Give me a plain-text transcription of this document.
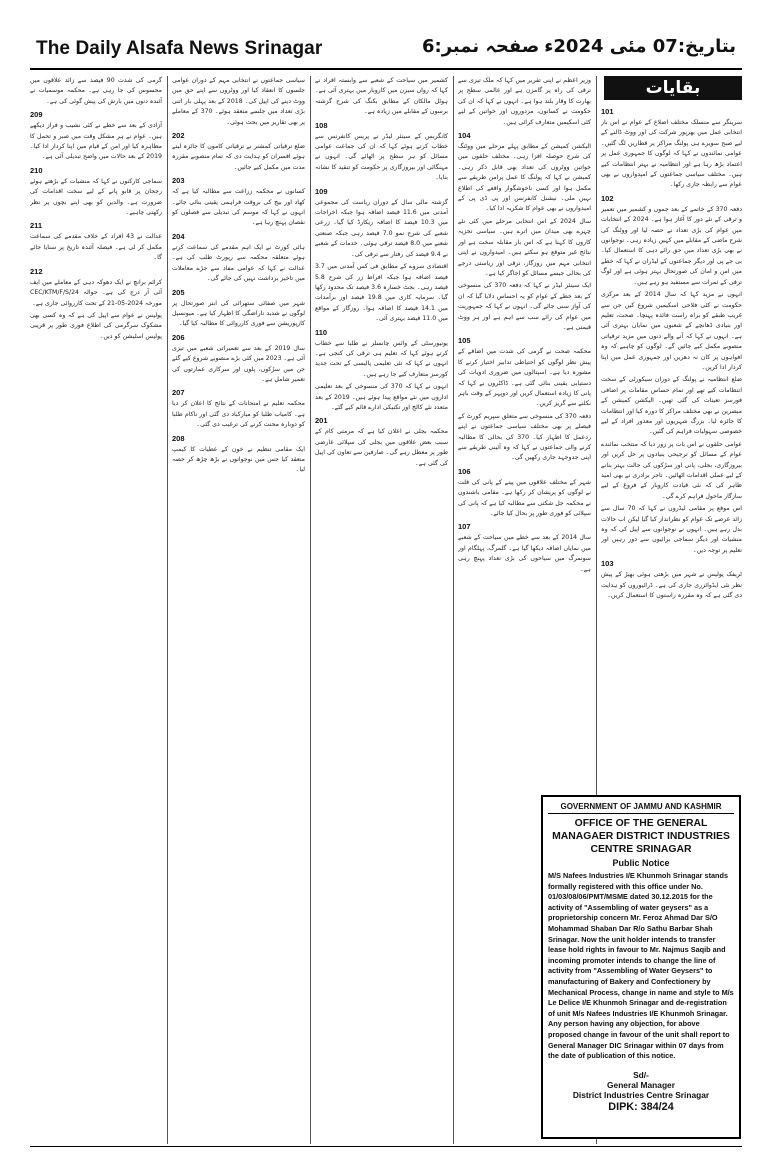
The Daily Alsafa News Srinagar	صفحہ نمبر:6 بتاریخ:07 مئی 2024ء

گرمی کی شدت 90 فیصد سے زائد علاقوں میں محسوس کی جا رہی ہے۔ محکمہ موسمیات نے آئندہ دنوں میں بارش کی پیش گوئی کی ہے۔

209

آزادی کے بعد سے خطے نے کئی نشیب و فراز دیکھے ہیں۔ عوام نے ہر مشکل وقت میں صبر و تحمل کا مظاہرہ کیا اور امن کے قیام میں اپنا کردار ادا کیا۔ 2019 کے بعد حالات میں واضح تبدیلی آئی ہے۔

210

سماجی کارکنوں نے کہا کہ منشیات کے بڑھتے ہوئے رجحان پر قابو پانے کے لیے سخت اقدامات کی ضرورت ہے۔ والدین کو بھی اپنے بچوں پر نظر رکھنی چاہیے۔

211

عدالت نے 43 افراد کے خلاف مقدمے کی سماعت مکمل کر لی ہے۔ فیصلہ آئندہ تاریخ پر سنایا جائے گا۔

212

کرائم برانچ نے ایک دھوکہ دہی کے معاملے میں ایف آئی آر درج کی ہے۔ حوالہ CEC/KTM/F/S/24 مورخہ 2024-05-21 کے تحت کارروائی جاری ہے۔

پولیس نے عوام سے اپیل کی ہے کہ وہ کسی بھی مشکوک سرگرمی کی اطلاع فوری طور پر قریبی پولیس اسٹیشن کو دیں۔

سیاسی جماعتوں نے انتخابی مہم کے دوران عوامی جلسوں کا انعقاد کیا اور ووٹروں سے اپنے حق میں ووٹ دینے کی اپیل کی۔ 2018 کے بعد پہلی بار اتنی بڑی تعداد میں جلسے منعقد ہوئے۔ 370 کے معاملے پر بھی تقاریر میں بحث ہوئی۔

202

ضلع ترقیاتی کمشنر نے ترقیاتی کاموں کا جائزہ لیتے ہوئے افسران کو ہدایت دی کہ تمام منصوبے مقررہ مدت میں مکمل کیے جائیں۔

203

کسانوں نے محکمہ زراعت سے مطالبہ کیا ہے کہ کھاد اور بیج کی بروقت فراہمی یقینی بنائی جائے۔ انہوں نے کہا کہ موسم کی تبدیلی سے فصلوں کو نقصان پہنچ رہا ہے۔

204

ہائی کورٹ نے ایک اہم مقدمے کی سماعت کرتے ہوئے متعلقہ محکمہ سے رپورٹ طلب کی ہے۔ عدالت نے کہا کہ عوامی مفاد سے جڑے معاملات میں تاخیر برداشت نہیں کی جائے گی۔

205

شہر میں صفائی ستھرائی کی ابتر صورتحال پر لوگوں نے شدید ناراضگی کا اظہار کیا ہے۔ میونسپل کارپوریشن سے فوری کارروائی کا مطالبہ کیا گیا۔

206

سال 2019 کے بعد سے تعمیراتی شعبے میں تیزی آئی ہے۔ 2023 میں کئی بڑے منصوبے شروع کیے گئے جن میں سڑکوں، پلوں اور سرکاری عمارتوں کی تعمیر شامل ہے۔

207

محکمہ تعلیم نے امتحانات کے نتائج کا اعلان کر دیا ہے۔ کامیاب طلبا کو مبارکباد دی گئی اور ناکام طلبا کو دوبارہ محنت کرنے کی ترغیب دی گئی۔

208

ایک مقامی تنظیم نے خون کے عطیات کا کیمپ منعقد کیا جس میں نوجوانوں نے بڑھ چڑھ کر حصہ لیا۔

کشمیر میں سیاحت کے شعبے سے وابستہ افراد نے کہا کہ رواں سیزن میں کاروبار میں بہتری آئی ہے۔ ہوٹل مالکان کے مطابق بکنگ کی شرح گزشتہ برسوں کے مقابلے میں زیادہ ہے۔

108

کانگریس کے سینئر لیڈر نے پریس کانفرنس سے خطاب کرتے ہوئے کہا کہ ان کی جماعت عوامی مسائل کو ہر سطح پر اٹھائے گی۔ انہوں نے مہنگائی اور بیروزگاری پر حکومت کو تنقید کا نشانہ بنایا۔

109

گزشتہ مالی سال کے دوران ریاست کی مجموعی آمدنی میں 11.6 فیصد اضافہ ہوا جبکہ اخراجات میں 10.3 فیصد کا اضافہ ریکارڈ کیا گیا۔ زرعی شعبے کی شرح نمو 7.0 فیصد رہی جبکہ صنعتی شعبے میں 8.0 فیصد ترقی ہوئی۔ خدمات کے شعبے نے 9.4 فیصد کی رفتار سے ترقی کی۔

اقتصادی سروے کے مطابق فی کس آمدنی میں 3.7 فیصد اضافہ ہوا جبکہ افراط زر کی شرح 5.8 فیصد رہی۔ بجٹ خسارہ 3.6 فیصد تک محدود رکھا گیا۔ سرمایہ کاری میں 19.8 فیصد اور برآمدات میں 14.1 فیصد کا اضافہ ہوا۔ روزگار کے مواقع میں 11.0 فیصد بہتری آئی۔

110

یونیورسٹی کے وائس چانسلر نے طلبا سے خطاب کرتے ہوئے کہا کہ تعلیم ہی ترقی کی کنجی ہے۔ انہوں نے کہا کہ نئی تعلیمی پالیسی کے تحت جدید کورسز متعارف کیے جا رہے ہیں۔

انہوں نے کہا کہ 370 کی منسوخی کے بعد تعلیمی اداروں میں نئے مواقع پیدا ہوئے ہیں۔ 2019 کے بعد متعدد نئے کالج اور تکنیکی ادارے قائم کیے گئے۔

201

محکمہ بجلی نے اعلان کیا ہے کہ مرمتی کام کے سبب بعض علاقوں میں بجلی کی سپلائی عارضی طور پر معطل رہے گی۔ صارفین سے تعاون کی اپیل کی گئی ہے۔

وزیر اعظم نے اپنی تقریر میں کہا کہ ملک تیزی سے ترقی کی راہ پر گامزن ہے اور عالمی سطح پر بھارت کا وقار بلند ہوا ہے۔ انہوں نے کہا کہ ان کی حکومت نے کسانوں، مزدوروں اور خواتین کے لیے کئی اسکیمیں متعارف کرائی ہیں۔

104

الیکشن کمیشن کے مطابق پہلے مرحلے میں ووٹنگ کی شرح حوصلہ افزا رہی۔ مختلف حلقوں میں خواتین ووٹروں کی تعداد بھی قابل ذکر رہی۔ کمیشن نے کہا کہ پولنگ کا عمل پرامن طریقے سے مکمل ہوا اور کسی ناخوشگوار واقعے کی اطلاع نہیں ملی۔ نیشنل کانفرنس اور پی ڈی پی کے امیدواروں نے بھی عوام کا شکریہ ادا کیا۔

سال 2024 کے اس انتخابی مرحلے میں کئی نئے چہرے بھی میدان میں اترے ہیں۔ سیاسی تجزیہ کاروں کا کہنا ہے کہ اس بار مقابلہ سخت ہے اور نتائج غیر متوقع ہو سکتے ہیں۔ امیدواروں نے اپنی انتخابی مہم میں روزگار، ترقی اور ریاستی درجے کی بحالی جیسے مسائل کو اجاگر کیا ہے۔

ایک سینئر لیڈر نے کہا کہ دفعہ 370 کی منسوخی کے بعد خطے کے عوام کو یہ احساس دلایا گیا کہ ان کی آواز سنی جائے گی۔ انہوں نے کہا کہ جمہوریت میں عوام کی رائے سب سے اہم ہے اور ہر ووٹ قیمتی ہے۔

105

محکمہ صحت نے گرمی کی شدت میں اضافے کے پیش نظر لوگوں کو احتیاطی تدابیر اختیار کرنے کا مشورہ دیا ہے۔ اسپتالوں میں ضروری ادویات کی دستیابی یقینی بنائی گئی ہے۔ ڈاکٹروں نے کہا کہ پانی کا زیادہ استعمال کریں اور دوپہر کے وقت باہر نکلنے سے گریز کریں۔

دفعہ 370 کی منسوخی سے متعلق سپریم کورٹ کے فیصلے پر بھی مختلف سیاسی جماعتوں نے اپنے ردعمل کا اظہار کیا۔ 370 کی بحالی کا مطالبہ کرنے والی جماعتوں نے کہا کہ وہ آئینی طریقے سے اپنی جدوجہد جاری رکھیں گی۔

106

شہر کے مختلف علاقوں میں پینے کے پانی کی قلت نے لوگوں کو پریشان کر رکھا ہے۔ مقامی باشندوں نے محکمہ جل شکتی سے مطالبہ کیا ہے کہ پانی کی سپلائی کو فوری طور پر بحال کیا جائے۔

107

سال 2014 کے بعد سے خطے میں سیاحت کے شعبے میں نمایاں اضافہ دیکھا گیا ہے۔ گلمرگ، پہلگام اور سونمرگ میں سیاحوں کی بڑی تعداد پہنچ رہی ہے۔

101

سرینگر سے منسلک مختلف اضلاع کے عوام نے اس بار انتخابی عمل میں بھرپور شرکت کی اور ووٹ ڈالنے کے لیے صبح سویرے ہی پولنگ مراکز پر قطاریں لگ گئیں۔ عوامی نمائندوں نے کہا کہ لوگوں کا جمہوری عمل پر اعتماد بڑھ رہا ہے اور انتظامیہ نے بہتر انتظامات کیے ہیں۔ مختلف سیاسی جماعتوں کے امیدواروں نے بھی عوام سے رابطہ جاری رکھا۔

102

دفعہ 370 کے خاتمے کے بعد جموں و کشمیر میں تعمیر و ترقی کے نئے دور کا آغاز ہوا ہے۔ 2024 کے انتخابات میں عوام کی بڑی تعداد نے حصہ لیا اور ووٹنگ کی شرح ماضی کے مقابلے میں کہیں زیادہ رہی۔ نوجوانوں نے بھی بڑی تعداد میں حق رائے دہی کا استعمال کیا۔ بی جے پی اور دیگر جماعتوں کے لیڈران نے کہا کہ خطے میں امن و امان کی صورتحال بہتر ہوئی ہے اور لوگ ترقی کے ثمرات سے مستفید ہو رہے ہیں۔

انہوں نے مزید کہا کہ سال 2014 کے بعد مرکزی حکومت نے کئی فلاحی اسکیمیں شروع کیں جن سے غریب طبقے کو براہ راست فائدہ پہنچا۔ صحت، تعلیم اور بنیادی ڈھانچے کے شعبوں میں نمایاں بہتری آئی ہے۔ انہوں نے کہا کہ آنے والے دنوں میں مزید ترقیاتی منصوبے مکمل کیے جائیں گے۔ لوگوں کو چاہیے کہ وہ افواہوں پر کان نہ دھریں اور جمہوری عمل میں اپنا کردار ادا کریں۔

ضلع انتظامیہ نے پولنگ کے دوران سیکورٹی کے سخت انتظامات کیے تھے اور تمام حساس مقامات پر اضافی فورسز تعینات کی گئی تھیں۔ الیکشن کمیشن کے مبصرین نے بھی مختلف مراکز کا دورہ کیا اور انتظامات کا جائزہ لیا۔ بزرگ شہریوں اور معذور افراد کے لیے خصوصی سہولیات فراہم کی گئیں۔

عوامی حلقوں نے اس بات پر زور دیا کہ منتخب نمائندے عوام کے مسائل کو ترجیحی بنیادوں پر حل کریں اور بیروزگاری، بجلی، پانی اور سڑکوں کی حالت بہتر بنانے کے لیے عملی اقدامات اٹھائیں۔ تاجر برادری نے بھی امید ظاہر کی کہ نئی قیادت کاروبار کے فروغ کے لیے سازگار ماحول فراہم کرے گی۔

اس موقع پر مقامی لیڈروں نے کہا کہ 70 سال سے زائد عرصے تک عوام کو نظرانداز کیا گیا لیکن اب حالات بدل رہے ہیں۔ انہوں نے نوجوانوں سے اپیل کی کہ وہ منشیات اور دیگر سماجی برائیوں سے دور رہیں اور تعلیم پر توجہ دیں۔

103

ٹریفک پولیس نے شہر میں بڑھتی ہوئی بھیڑ کے پیش نظر نئی ایڈوائزری جاری کی ہے۔ ڈرائیوروں کو ہدایت دی گئی ہے کہ وہ مقررہ راستوں کا استعمال کریں۔

بقایات
GOVERNMENT OF JAMMU AND KASHMIR
OFFICE OF THE GENERAL MANAGAER DISTRICT INDUSTRIES CENTRE SRINAGAR
Public Notice
M/S Nafees Industries I/E Khunmoh Srinagar stands formally registered with this office under No. 01/03/08/06/PMT/MSME dated 30.12.2015 for the activity of "Assembling of water geysers" as a proprietorship concern Mr. Feroz Ahmad Dar S/O Mohammad Shaban Dar R/o Sathu Barbar Shah Srinagar. Now the unit holder intends to transfer lease hold rights in favour to Mr. Najmus Saqib and incoming promoter intends to change the line of activity from "Assembling of Water Geysers" to manufacturing of Bakery and Confectionery by Mechanical Process, change in name and style to M/s Le Delice I/E Khunmoh Srinagar and de-registration of unit M/s Nafees Industries I/E Khunmoh Srinagar. Any person having any objection, for above proposed change in favour of the unit shall report to General Manager DIC Srinagar within 07 days from the date of publication of this notice.
Sd/-
General Manager
District Industries Centre Srinagar
DIPK: 384/24
